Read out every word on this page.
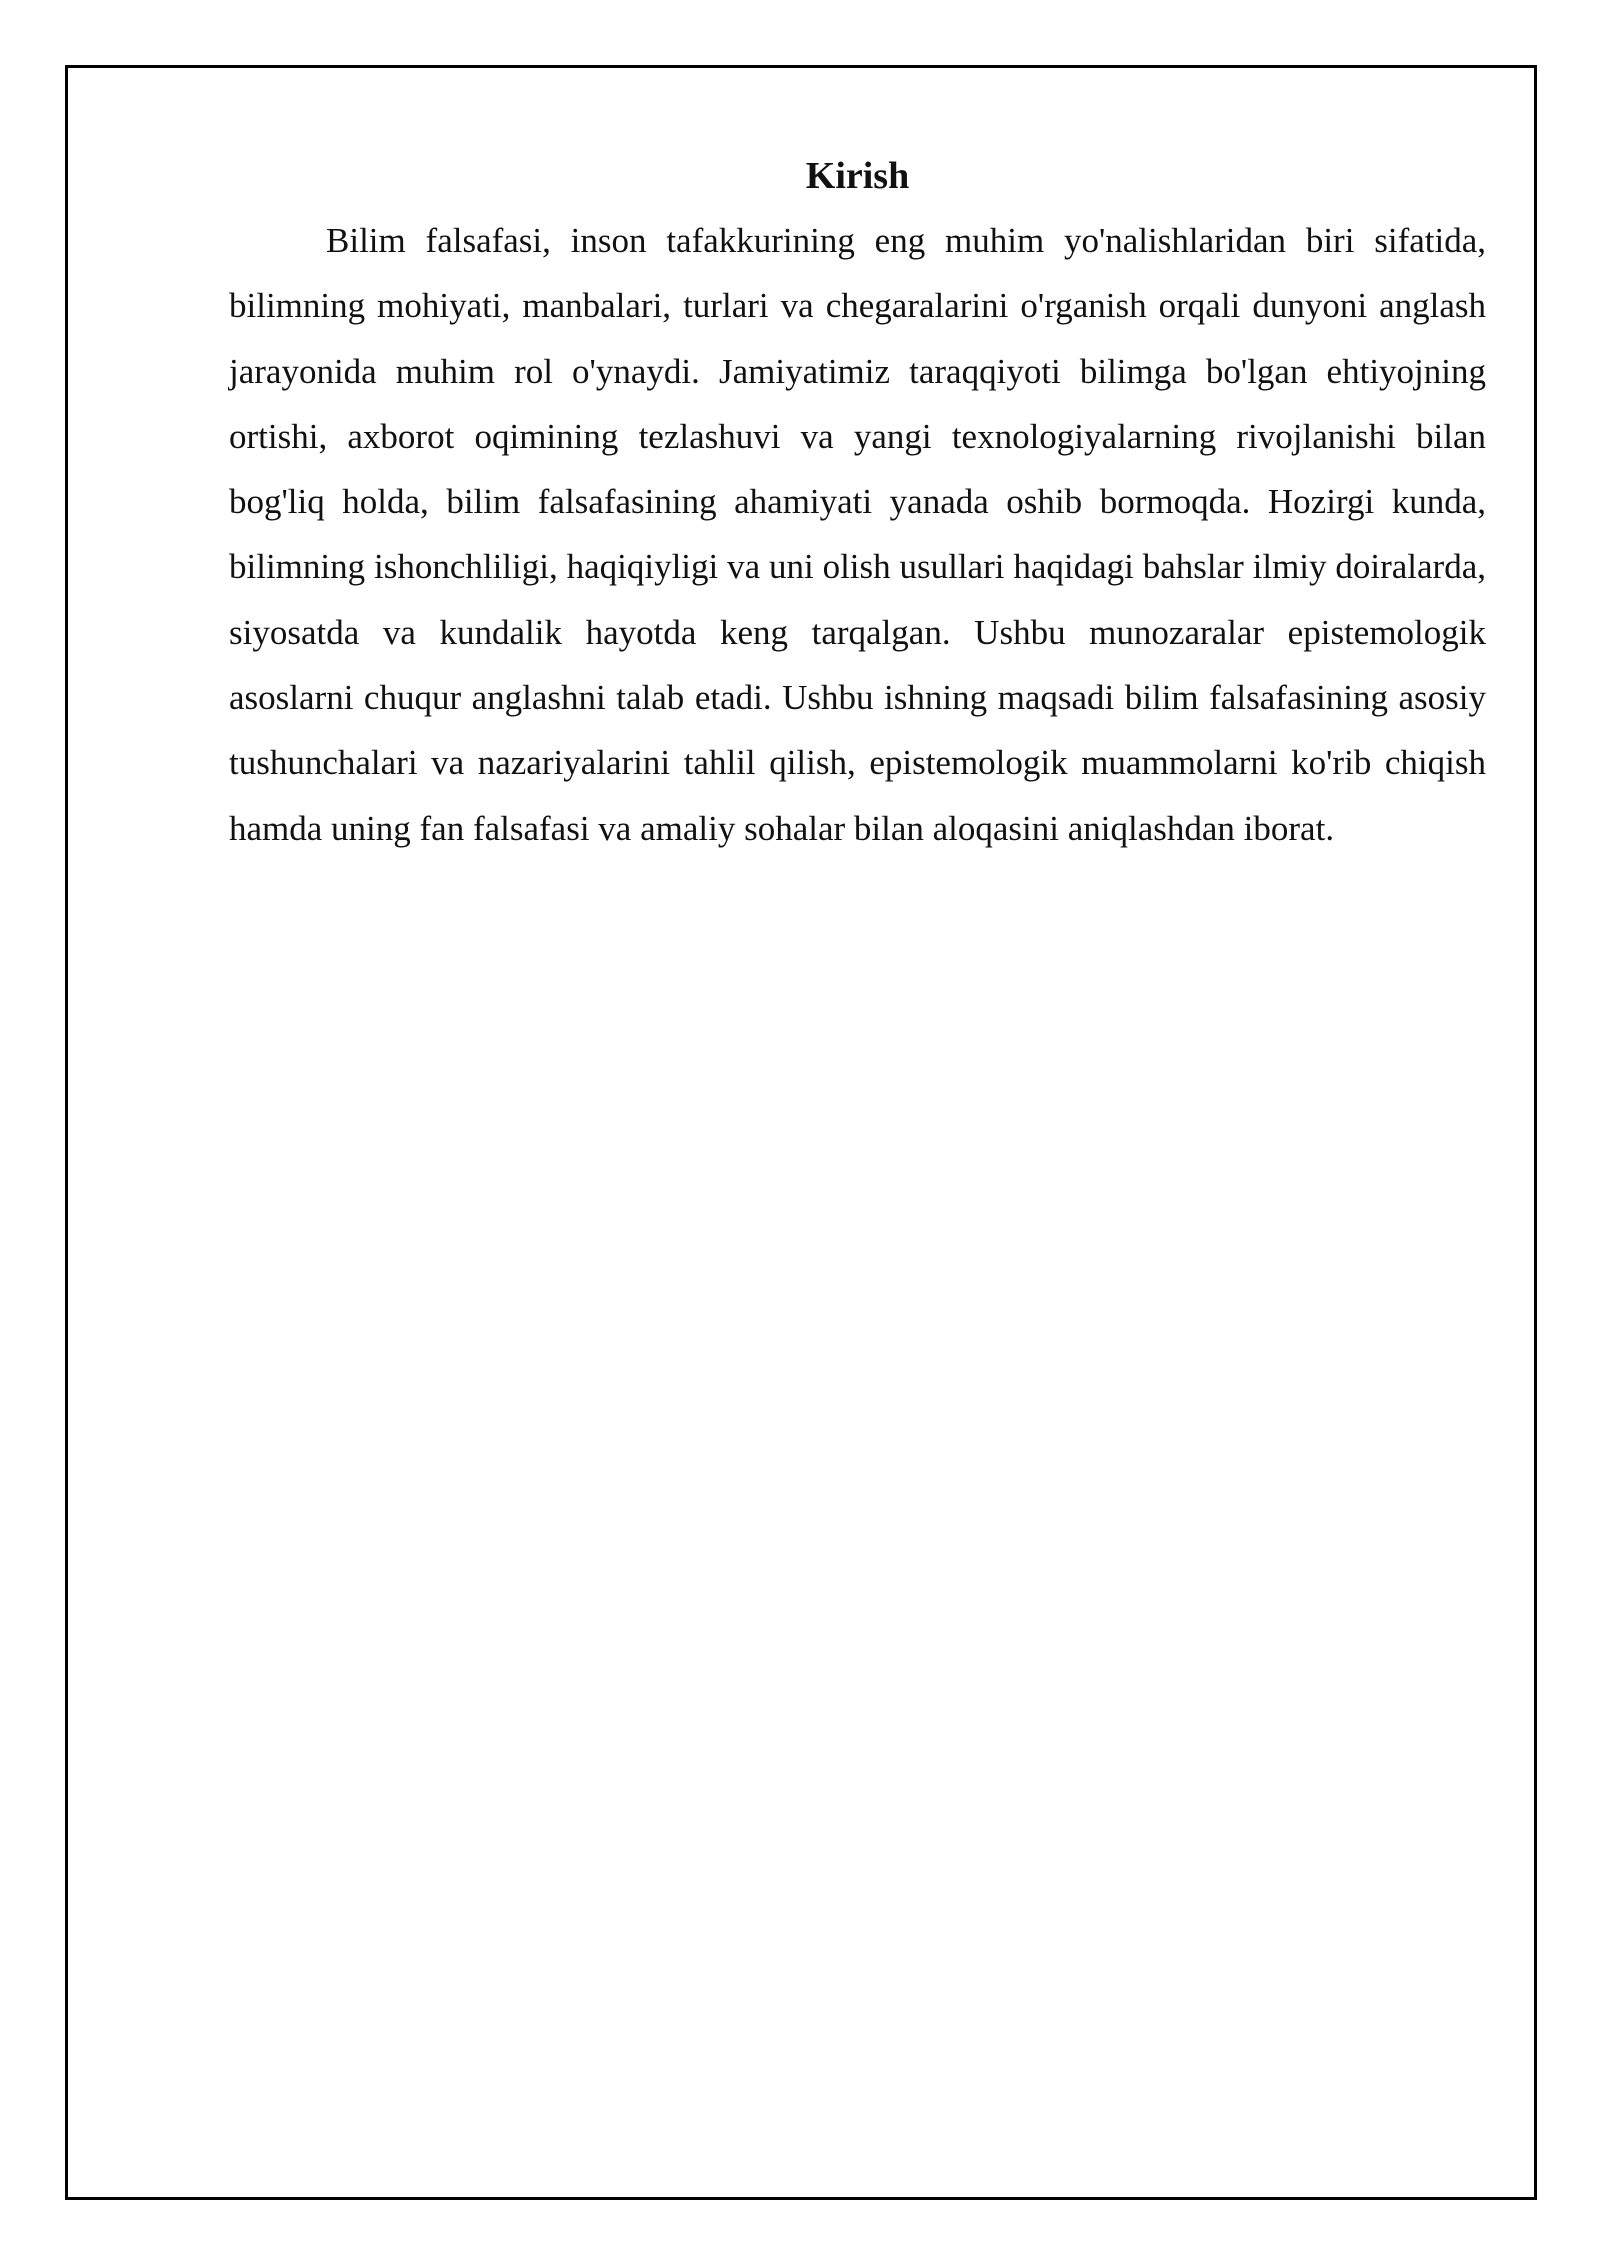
Kirish

Bilim falsafasi, inson tafakkurining eng muhim yo'nalishlaridan biri sifatida, bilimning mohiyati, manbalari, turlari va chegaralarini o'rganish orqali dunyoni anglash jarayonida muhim rol o'ynaydi. Jamiyatimiz taraqqiyoti bilimga bo'lgan ehtiyojning ortishi, axborot oqimining tezlashuvi va yangi texnologiyalarning rivojlanishi bilan bog'liq holda, bilim falsafasining ahamiyati yanada oshib bormoqda. Hozirgi kunda, bilimning ishonchliligi, haqiqiyligi va uni olish usullari haqidagi bahslar ilmiy doiralarda, siyosatda va kundalik hayotda keng tarqalgan. Ushbu munozaralar epistemologik asoslarni chuqur anglashni talab etadi. Ushbu ishning maqsadi bilim falsafasining asosiy tushunchalari va nazariyalarini tahlil qilish, epistemologik muammolarni ko'rib chiqish hamda uning fan falsafasi va amaliy sohalar bilan aloqasini aniqlashdan iborat.
